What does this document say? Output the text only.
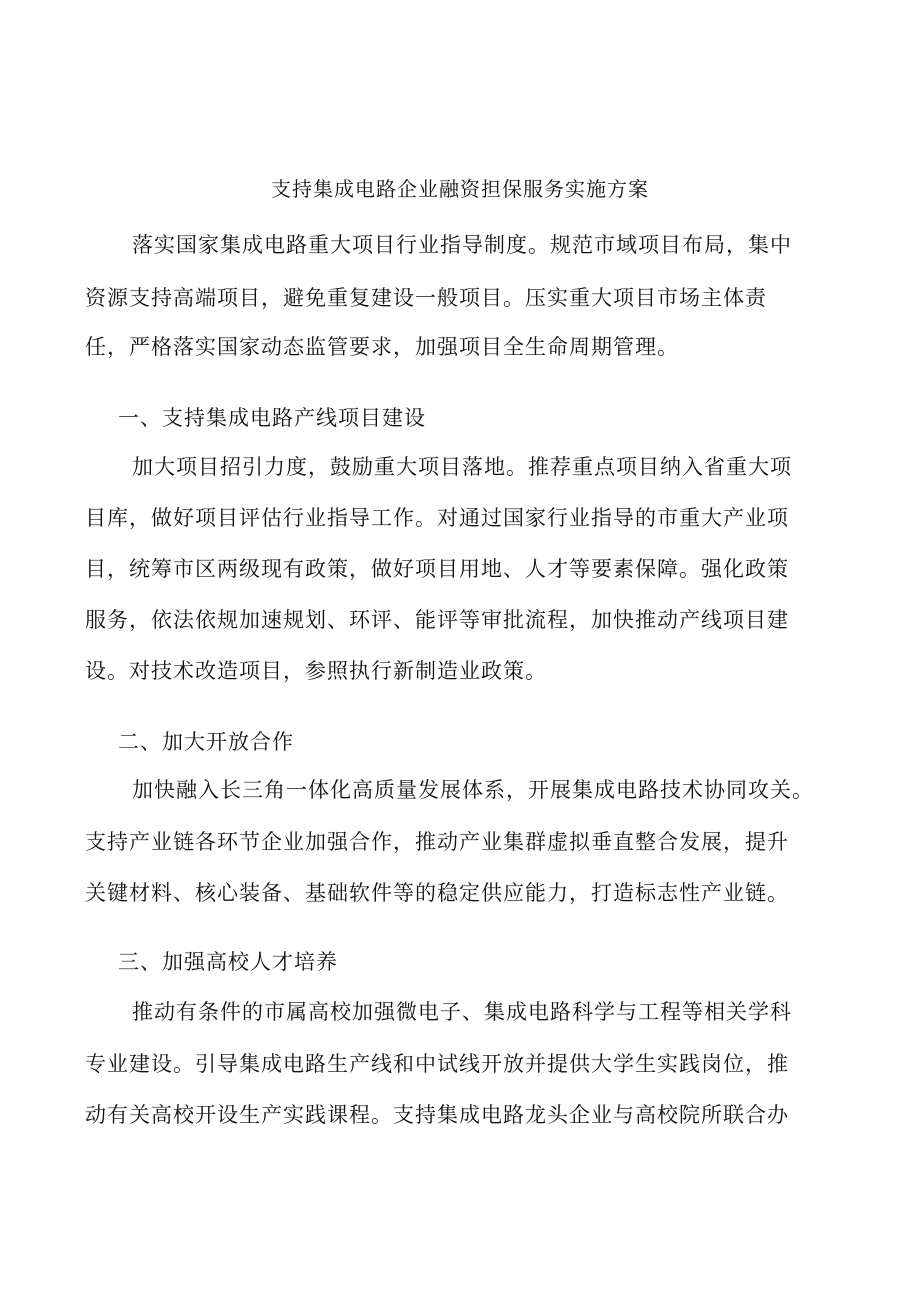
支持集成电路企业融资担保服务实施方案
落实国家集成电路重大项目行业指导制度。规范市域项目布局，集中
资源支持高端项目，避免重复建设一般项目。压实重大项目市场主体责
任，严格落实国家动态监管要求，加强项目全生命周期管理。
一、支持集成电路产线项目建设
加大项目招引力度，鼓励重大项目落地。推荐重点项目纳入省重大项
目库，做好项目评估行业指导工作。对通过国家行业指导的市重大产业项
目，统筹市区两级现有政策，做好项目用地、人才等要素保障。强化政策
服务，依法依规加速规划、环评、能评等审批流程，加快推动产线项目建
设。对技术改造项目，参照执行新制造业政策。
二、加大开放合作
加快融入长三角一体化高质量发展体系，开展集成电路技术协同攻关。
支持产业链各环节企业加强合作，推动产业集群虚拟垂直整合发展，提升
关键材料、核心装备、基础软件等的稳定供应能力，打造标志性产业链。
三、加强高校人才培养
推动有条件的市属高校加强微电子、集成电路科学与工程等相关学科
专业建设。引导集成电路生产线和中试线开放并提供大学生实践岗位，推
动有关高校开设生产实践课程。支持集成电路龙头企业与高校院所联合办
